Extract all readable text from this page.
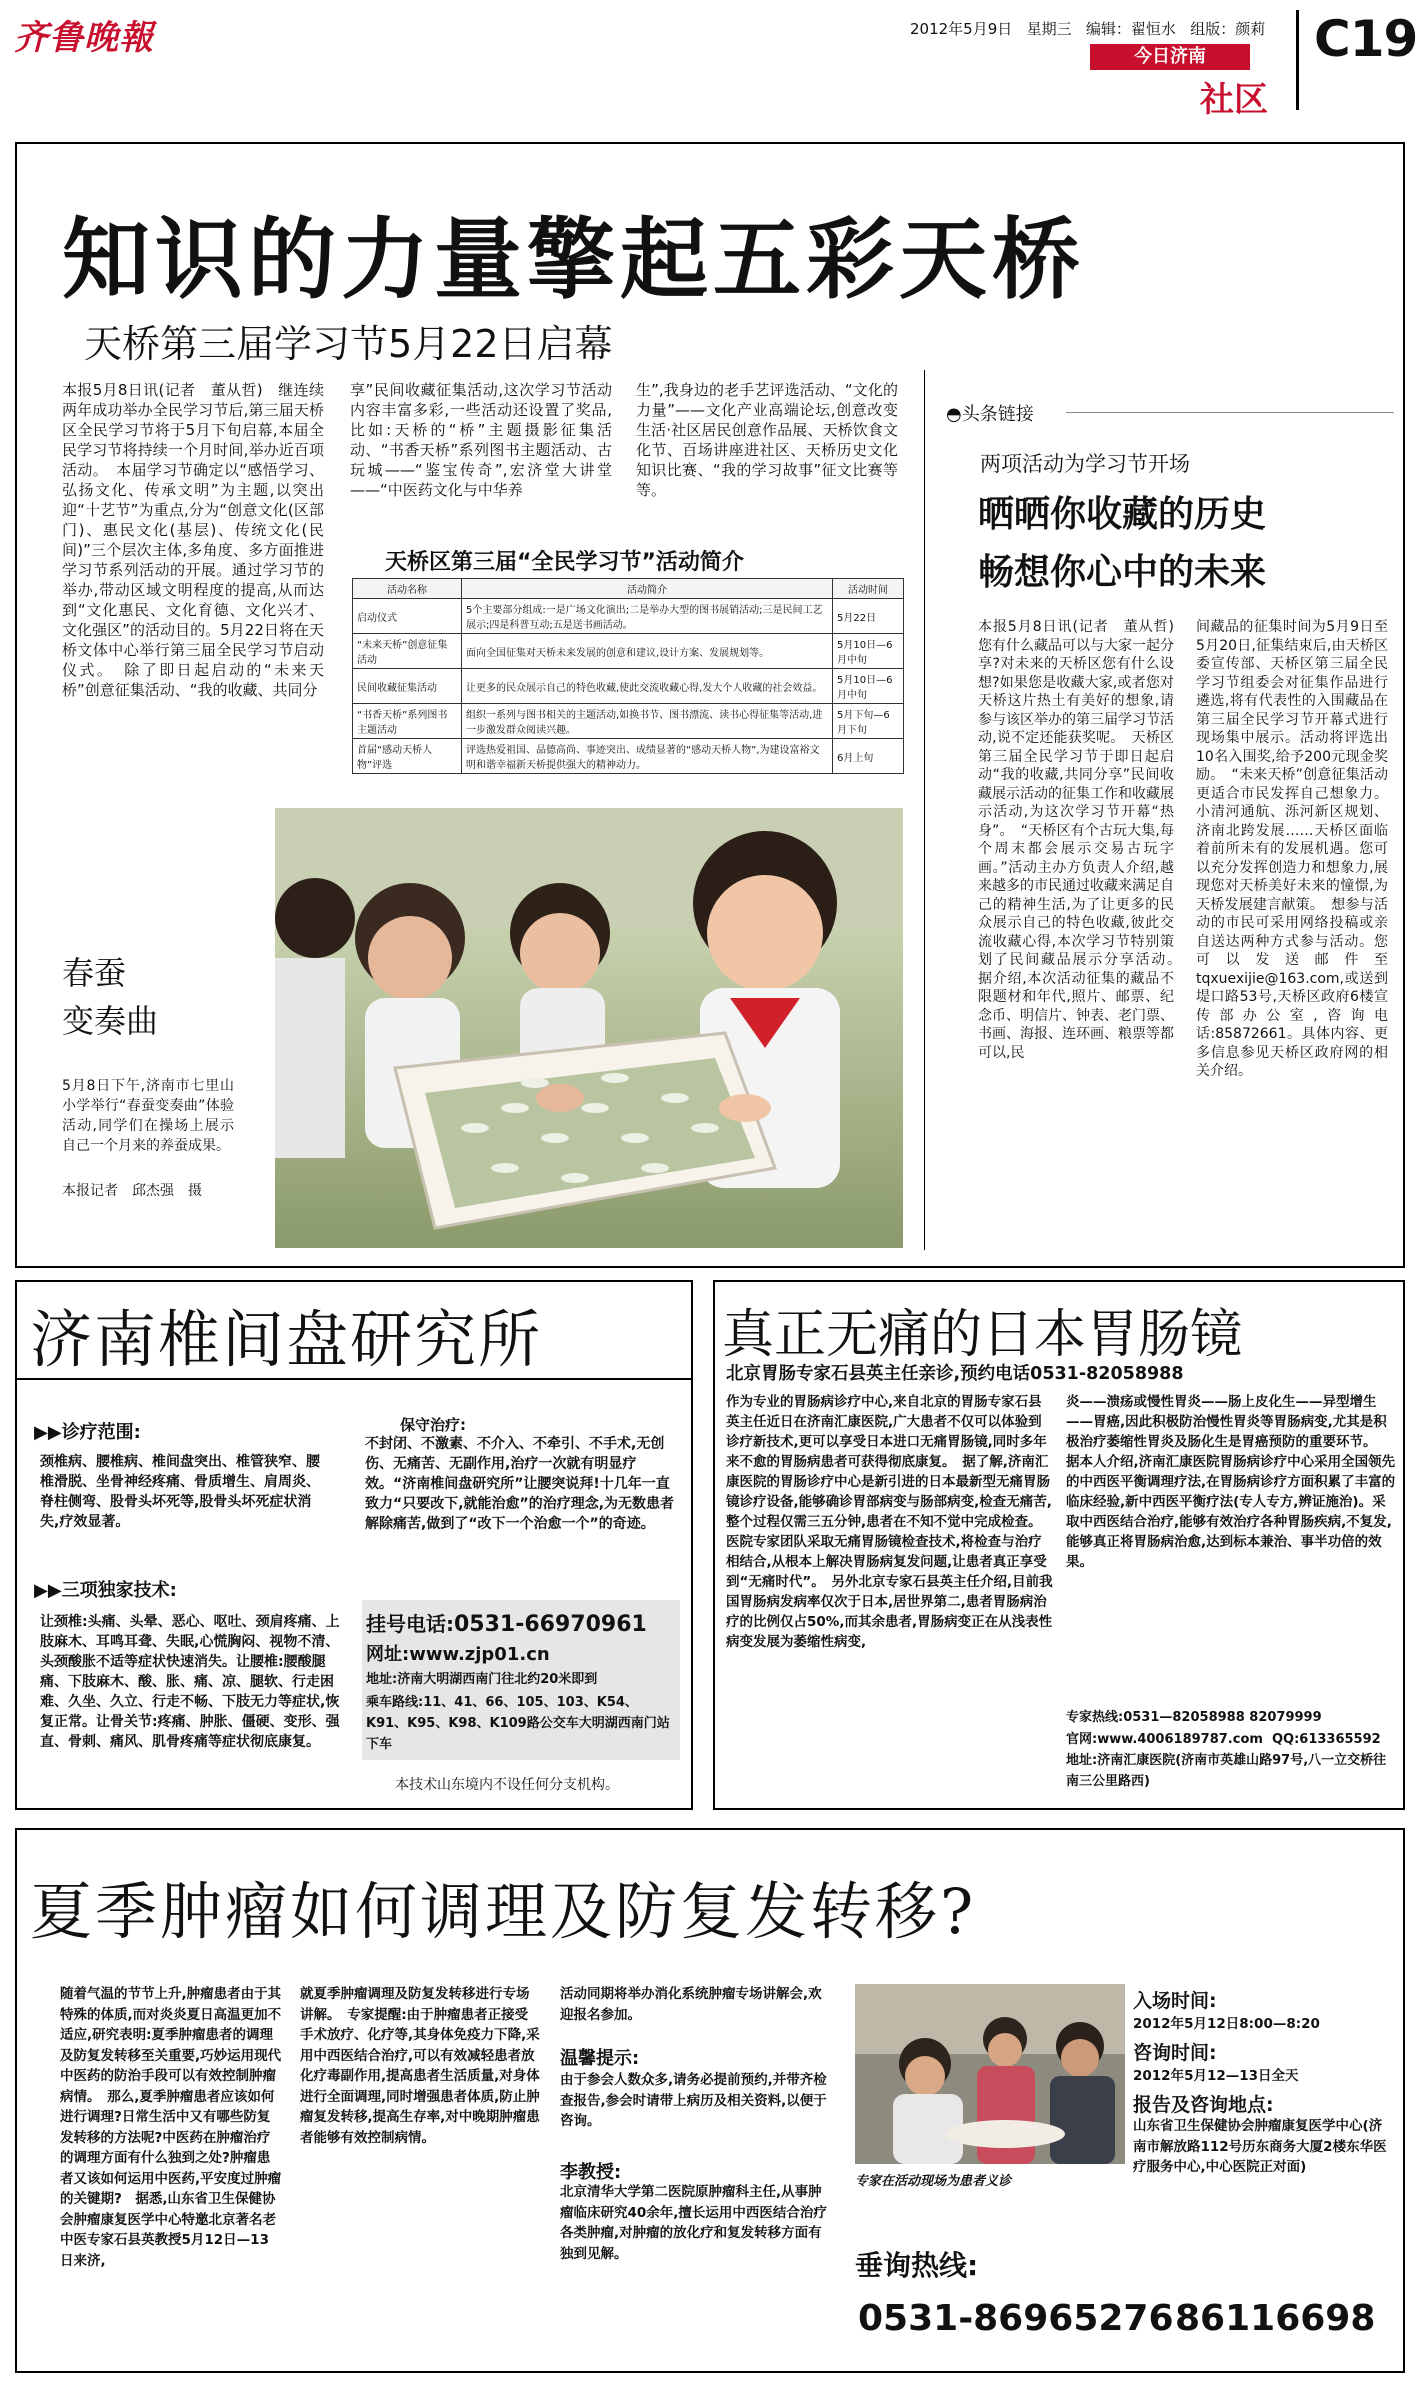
齐鲁晚報	2012年5月9日 星期三 编辑：翟恒水 组版：颜莉
今日济南
社区
C19
知识的力量擎起五彩天桥
天桥第三届学习节5月22日启幕

本报5月8日讯(记者　董从哲)　继连续两年成功举办全民学习节后,第三届天桥区全民学习节将于5月下旬启幕,本届全民学习节将持续一个月时间,举办近百项活动。　本届学习节确定以“感悟学习、弘扬文化、传承文明”为主题,以突出迎“十艺节”为重点,分为“创意文化(区部门)、惠民文化(基层)、传统文化(民间)”三个层次主体,多角度、多方面推进学习节系列活动的开展。通过学习节的举办,带动区域文明程度的提高,从而达到“文化惠民、文化育德、文化兴才、文化强区”的活动目的。5月22日将在天桥文体中心举行第三届全民学习节启动仪式。　除了即日起启动的“未来天桥”创意征集活动、“我的收藏、共同分

享”民间收藏征集活动,这次学习节活动内容丰富多彩,一些活动还设置了奖品,比如:天桥的“桥”主题摄影征集活动、“书香天桥”系列图书主题活动、古玩城——“鉴宝传奇”,宏济堂大讲堂——“中医药文化与中华养

生”,我身边的老手艺评选活动、“文化的力量”——文化产业高端论坛,创意改变生活·社区居民创意作品展、天桥饮食文化节、百场讲座进社区、天桥历史文化知识比赛、“我的学习故事”征文比赛等等。

天桥区第三届“全民学习节”活动简介
活动名称	活动简介	活动时间
启动仪式	5个主要部分组成:一是广场文化演出;二是举办大型的图书展销活动;三是民间工艺展示;四是科普互动;五是送书画活动。	5月22日
“未来天桥”创意征集活动	面向全国征集对天桥未来发展的创意和建议,设计方案、发展规划等。	5月10日—6月中旬
民间收藏征集活动	让更多的民众展示自己的特色收藏,使此交流收藏心得,发大个人收藏的社会效益。	5月10日—6月中旬
“书香天桥”系列图书主题活动	组织一系列与图书相关的主题活动,如换书节、图书漂流、读书心得征集等活动,进一步激发群众阅读兴趣。	5月下旬—6月下旬
首届“感动天桥人物”评选	评选热爱祖国、品德高尚、事迹突出、成绩显著的“感动天桥人物”,为建设富裕文明和谐幸福新天桥提供强大的精神动力。	6月上旬
◓头条链接
两项活动为学习节开场
晒晒你收藏的历史
畅想你心中的未来

本报5月8日讯(记者　董从哲)　您有什么藏品可以与大家一起分享?对未来的天桥区您有什么设想?如果您是收藏大家,或者您对天桥这片热土有美好的想象,请参与该区举办的第三届学习节活动,说不定还能获奖呢。　天桥区第三届全民学习节于即日起启动“我的收藏,共同分享”民间收藏展示活动的征集工作和收藏展示活动,为这次学习节开幕“热身”。　“天桥区有个古玩大集,每个周末都会展示交易古玩字画。”活动主办方负责人介绍,越来越多的市民通过收藏来满足自己的精神生活,为了让更多的民众展示自己的特色收藏,彼此交流收藏心得,本次学习节特别策划了民间藏品展示分享活动。　据介绍,本次活动征集的藏品不限题材和年代,照片、邮票、纪念币、明信片、钟表、老门票、书画、海报、连环画、粮票等都可以,民

间藏品的征集时间为5月9日至5月20日,征集结束后,由天桥区委宣传部、天桥区第三届全民学习节组委会对征集作品进行遴选,将有代表性的入围藏品在第三届全民学习节开幕式进行现场集中展示。活动将评选出10名入围奖,给予200元现金奖励。　“未来天桥”创意征集活动更适合市民发挥自己想象力。小清河通航、泺河新区规划、济南北跨发展……天桥区面临着前所未有的发展机遇。您可以充分发挥创造力和想象力,展现您对天桥美好未来的憧憬,为天桥发展建言献策。　想参与活动的市民可采用网络投稿或亲自送达两种方式参与活动。您可以发送邮件至tqxuexijie@163.com,或送到堤口路53号,天桥区政府6楼宣传部办公室,咨询电话:85872661。具体内容、更多信息参见天桥区政府网的相关介绍。

春蚕
变奏曲

5月8日下午,济南市七里山小学举行“春蚕变奏曲”体验活动,同学们在操场上展示自己一个月来的养蚕成果。

本报记者　邱杰强　摄
济南椎间盘研究所
▶▶诊疗范围:

颈椎病、腰椎病、椎间盘突出、椎管狭窄、腰椎滑脱、坐骨神经疼痛、骨质增生、肩周炎、脊柱侧弯、股骨头坏死等,股骨头坏死症状消失,疗效显著。

▶▶三项独家技术:

让颈椎:头痛、头晕、恶心、呕吐、颈肩疼痛、上肢麻木、耳鸣耳聋、失眠,心慌胸闷、视物不清、头颈酸胀不适等症状快速消失。让腰椎:腰酸腿痛、下肢麻木、酸、胀、痛、凉、腿软、行走困难、久坐、久立、行走不畅、下肢无力等症状,恢复正常。让骨关节:疼痛、肿胀、僵硬、变形、强直、骨刺、痛风、肌骨疼痛等症状彻底康复。

保守治疗:

不封闭、不激素、不介入、不牵引、不手术,无创伤、无痛苦、无副作用,治疗一次就有明显疗效。“济南椎间盘研究所”让腰突说拜!十几年一直致力“只要改下,就能治愈”的治疗理念,为无数患者解除痛苦,做到了“改下一个治愈一个”的奇迹。

挂号电话:0531-66970961
网址:www.zjp01.cn

地址:济南大明湖西南门往北约20米即到

乘车路线:11、41、66、105、103、K54、K91、K95、K98、K109路公交车大明湖西南门站下车

本技术山东境内不设任何分支机构。
真正无痛的日本胃肠镜
北京胃肠专家石县英主任亲诊,预约电话0531-82058988

作为专业的胃肠病诊疗中心,来自北京的胃肠专家石县英主任近日在济南汇康医院,广大患者不仅可以体验到诊疗新技术,更可以享受日本进口无痛胃肠镜,同时多年来不愈的胃肠病患者可获得彻底康复。　据了解,济南汇康医院的胃肠诊疗中心是新引进的日本最新型无痛胃肠镜诊疗设备,能够确诊胃部病变与肠部病变,检查无痛苦,整个过程仅需三五分钟,患者在不知不觉中完成检查。医院专家团队采取无痛胃肠镜检查技术,将检查与治疗相结合,从根本上解决胃肠病复发问题,让患者真正享受到“无痛时代”。　另外北京专家石县英主任介绍,目前我国胃肠病发病率仅次于日本,居世界第二,患者胃肠病治疗的比例仅占50%,而其余患者,胃肠病变正在从浅表性病变发展为萎缩性病变,

炎——溃疡或慢性胃炎——肠上皮化生——异型增生——胃癌,因此积极防治慢性胃炎等胃肠病变,尤其是积极治疗萎缩性胃炎及肠化生是胃癌预防的重要环节。　据本人介绍,济南汇康医院胃肠病诊疗中心采用全国领先的中西医平衡调理疗法,在胃肠病诊疗方面积累了丰富的临床经验,新中西医平衡疗法(专人专方,辨证施治)。采取中西医结合治疗,能够有效治疗各种胃肠疾病,不复发,能够真正将胃肠病治愈,达到标本兼治、事半功倍的效果。

专家热线:0531—82058988 82079999
官网:www.4006189787.com QQ:613365592

地址:济南汇康医院(济南市英雄山路97号,八一立交桥往南三公里路西)

夏季肿瘤如何调理及防复发转移?

随着气温的节节上升,肿瘤患者由于其特殊的体质,而对炎炎夏日高温更加不适应,研究表明:夏季肿瘤患者的调理及防复发转移至关重要,巧妙运用现代中医药的防治手段可以有效控制肿瘤病情。　那么,夏季肿瘤患者应该如何进行调理?日常生活中又有哪些防复发转移的方法呢?中医药在肿瘤治疗的调理方面有什么独到之处?肿瘤患者又该如何运用中医药,平安度过肿瘤的关键期?　据悉,山东省卫生保健协会肿瘤康复医学中心特邀北京著名老中医专家石县英教授5月12日—13日来济,

就夏季肿瘤调理及防复发转移进行专场讲解。　专家提醒:由于肿瘤患者正接受手术放疗、化疗等,其身体免疫力下降,采用中西医结合治疗,可以有效减轻患者放化疗毒副作用,提高患者生活质量,对身体进行全面调理,同时增强患者体质,防止肿瘤复发转移,提高生存率,对中晚期肿瘤患者能够有效控制病情。

活动同期将举办消化系统肿瘤专场讲解会,欢迎报名参加。

温馨提示:

由于参会人数众多,请务必提前预约,并带齐检查报告,参会时请带上病历及相关资料,以便于咨询。

李教授:

北京清华大学第二医院原肿瘤科主任,从事肿瘤临床研究40余年,擅长运用中西医结合治疗各类肿瘤,对肿瘤的放化疗和复发转移方面有独到见解。

专家在活动现场为患者义诊
入场时间:
2012年5月12日8:00—8:20
咨询时间:
2012年5月12—13日全天
报告及咨询地点:

山东省卫生保健协会肿瘤康复医学中心(济南市解放路112号历东商务大厦2楼东华医疗服务中心,中心医院正对面)

垂询热线:
0531-86965276 86116698
